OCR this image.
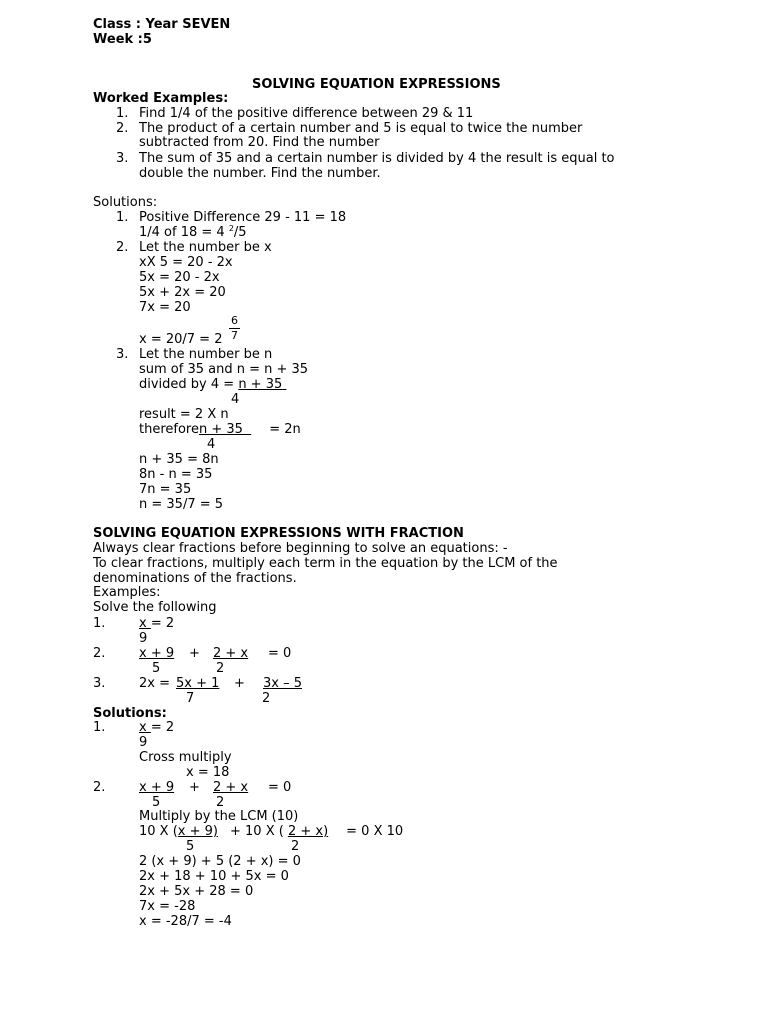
Class : Year SEVEN
Week :5
SOLVING EQUATION EXPRESSIONS
Worked Examples:
1. Find 1/4 of the positive difference between 29 & 11
2. The product of a certain number and 5 is equal to twice the number
subtracted from 20. Find the number
3. The sum of 35 and a certain number is divided by 4 the result is equal to
double the number. Find the number.
Solutions:
1. Positive Difference 29 - 11 = 18
1/4 of 18 = 4 $^2$/5
2. Let the number be x
xX 5 = 20 - 2x
5x = 20 - 2x
5x + 2x = 20
7x = 20
6
x = 20/7 = 2 7
3. Let the number be n
sum of 35 and n = n + 35
divided by 4 = n + 35
4
result = 2 X n
thereforen + 35 = 2n
4
n + 35 = 8n
8n - n = 35
7n = 35
n = 35/7 = 5
SOLVING EQUATION EXPRESSIONS WITH FRACTION
Always clear fractions before beginning to solve an equations: -
To clear fractions, multiply each term in the equation by the LCM of the
denominations of the fractions.
Examples:
Solve the following
1.	x = 2
9
2.	x + 9 + 2 + x = 0
5	2
3.	2x = 5x + 1 + 3x – 5
7	2
Solutions:
1.	x = 2
9
Cross multiply
x = 18
2.	x + 9 + 2 + x = 0
5	2
Multiply by the LCM (10)
10 X (x + 9) + 10 X ( 2 + x) = 0 X 10
5	2
2 (x + 9) + 5 (2 + x) = 0
2x + 18 + 10 + 5x = 0
2x + 5x + 28 = 0
7x = -28
x = -28/7 = -4
